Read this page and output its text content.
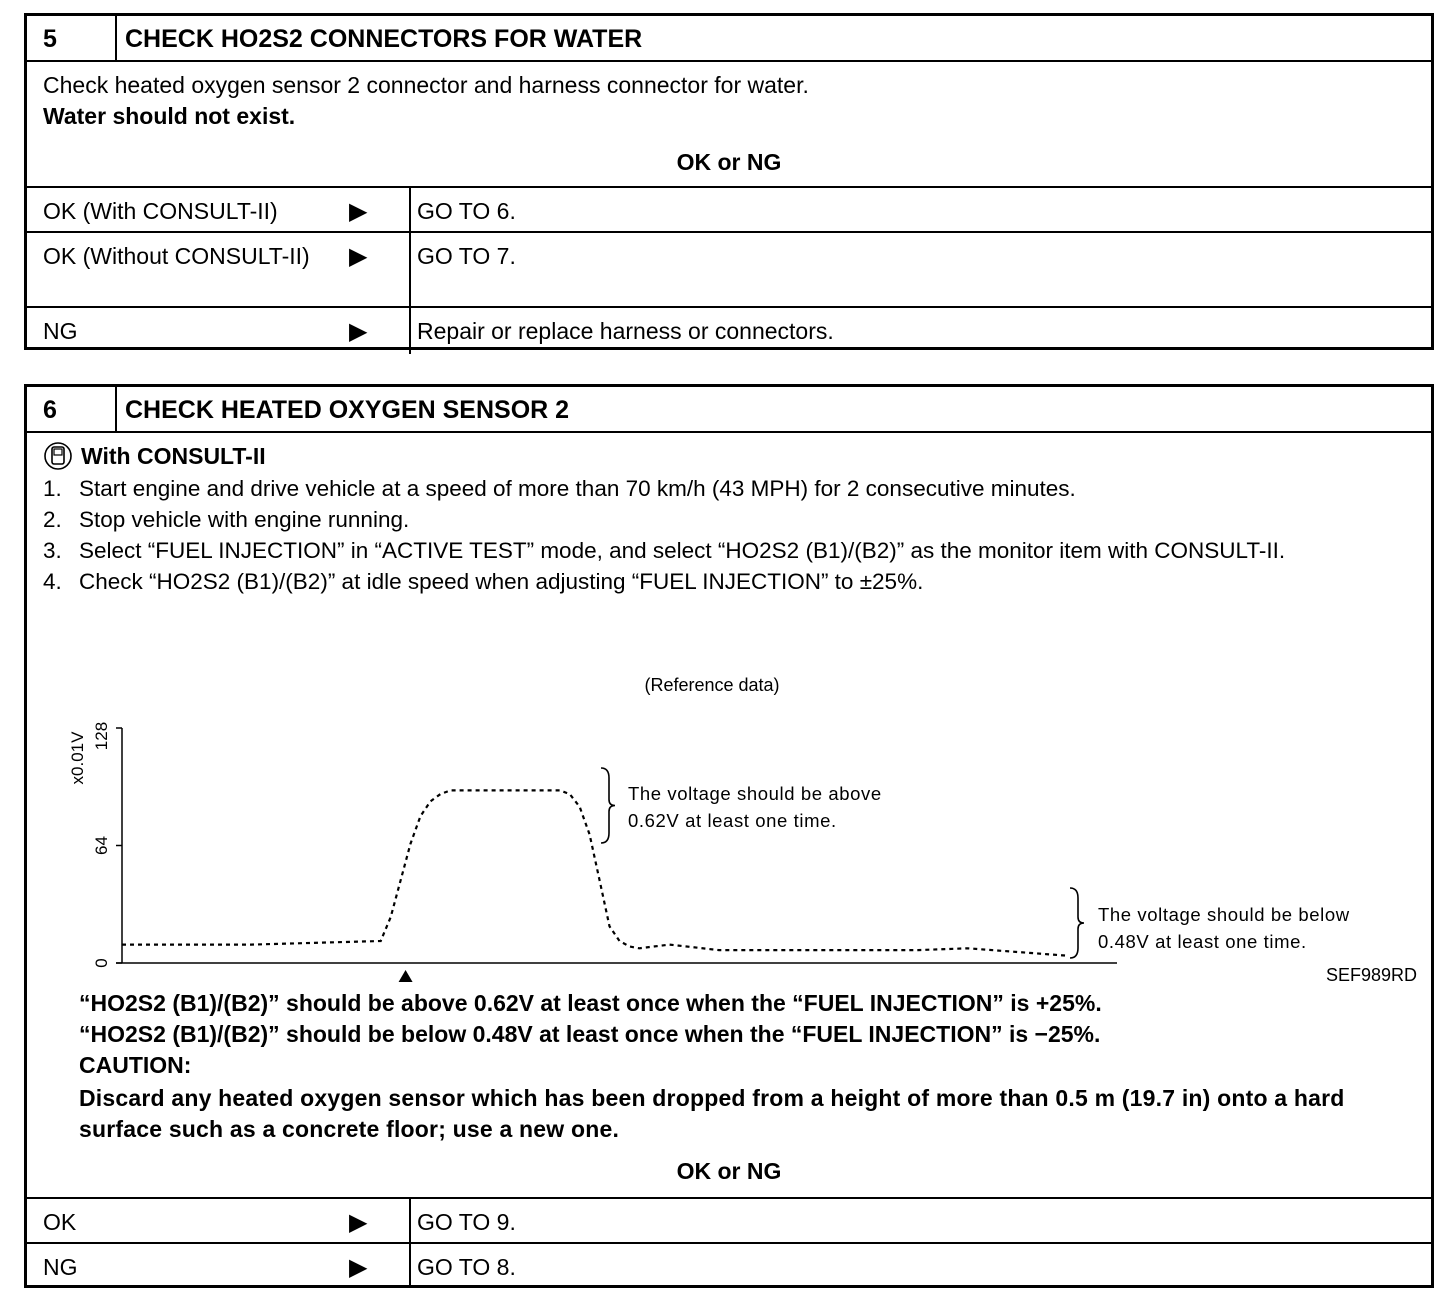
5	CHECK HO2S2 CONNECTORS FOR WATER
Check heated oxygen sensor 2 connector and harness connector for water.
Water should not exist.
OK or NG
OK (With CONSULT-II)	▶ GO TO 6.
OK (Without CONSULT-II)	▶ GO TO 7.
NG	▶ Repair or replace harness or connectors.
6	CHECK HEATED OXYGEN SENSOR 2
With CONSULT-II
1. Start engine and drive vehicle at a speed of more than 70 km/h (43 MPH) for 2 consecutive minutes.
2. Stop vehicle with engine running.
3. Select “FUEL INJECTION” in “ACTIVE TEST” mode, and select “HO2S2 (B1)/(B2)” as the monitor item with CONSULT-II.
4. Check “HO2S2 (B1)/(B2)” at idle speed when adjusting “FUEL INJECTION” to ±25%.
0
64
128
x0.01V
(Reference data)
The voltage should be above
0.62V at least one time.
The voltage should be below
0.48V at least one time.
SEF989RD
“HO2S2 (B1)/(B2)” should be above 0.62V at least once when the “FUEL INJECTION” is +25%.
“HO2S2 (B1)/(B2)” should be below 0.48V at least once when the “FUEL INJECTION” is −25%.
CAUTION:
Discard any heated oxygen sensor which has been dropped from a height of more than 0.5 m (19.7 in) onto a hard surface such as a concrete floor; use a new one.
OK or NG
OK	▶ GO TO 9.
NG	▶ GO TO 8.
